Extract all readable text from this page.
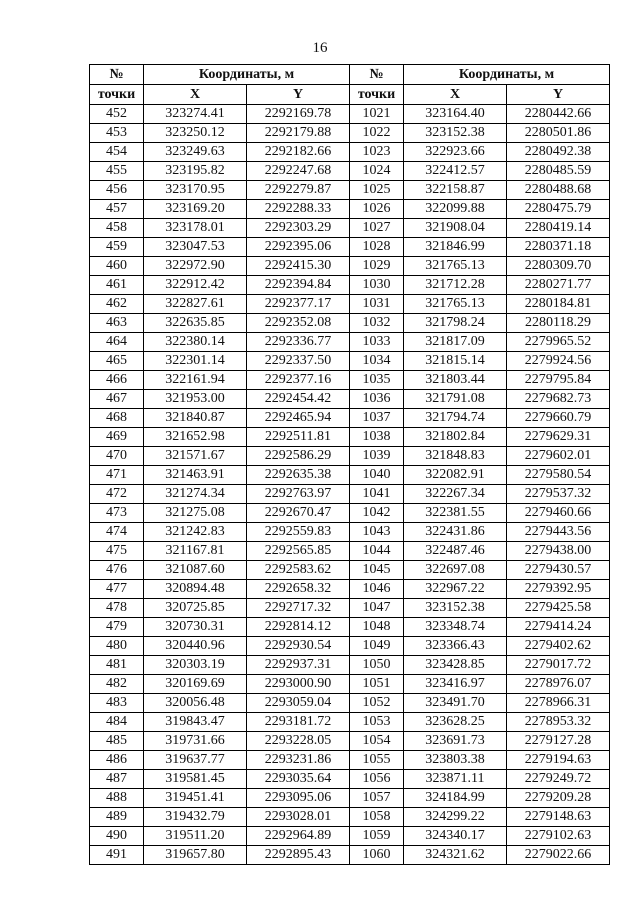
16
№	Координаты, м		№	Координаты, м	
точки	X	Y	точки	X	Y
452	323274.41	2292169.78	1021	323164.40	2280442.66
453	323250.12	2292179.88	1022	323152.38	2280501.86
454	323249.63	2292182.66	1023	322923.66	2280492.38
455	323195.82	2292247.68	1024	322412.57	2280485.59
456	323170.95	2292279.87	1025	322158.87	2280488.68
457	323169.20	2292288.33	1026	322099.88	2280475.79
458	323178.01	2292303.29	1027	321908.04	2280419.14
459	323047.53	2292395.06	1028	321846.99	2280371.18
460	322972.90	2292415.30	1029	321765.13	2280309.70
461	322912.42	2292394.84	1030	321712.28	2280271.77
462	322827.61	2292377.17	1031	321765.13	2280184.81
463	322635.85	2292352.08	1032	321798.24	2280118.29
464	322380.14	2292336.77	1033	321817.09	2279965.52
465	322301.14	2292337.50	1034	321815.14	2279924.56
466	322161.94	2292377.16	1035	321803.44	2279795.84
467	321953.00	2292454.42	1036	321791.08	2279682.73
468	321840.87	2292465.94	1037	321794.74	2279660.79
469	321652.98	2292511.81	1038	321802.84	2279629.31
470	321571.67	2292586.29	1039	321848.83	2279602.01
471	321463.91	2292635.38	1040	322082.91	2279580.54
472	321274.34	2292763.97	1041	322267.34	2279537.32
473	321275.08	2292670.47	1042	322381.55	2279460.66
474	321242.83	2292559.83	1043	322431.86	2279443.56
475	321167.81	2292565.85	1044	322487.46	2279438.00
476	321087.60	2292583.62	1045	322697.08	2279430.57
477	320894.48	2292658.32	1046	322967.22	2279392.95
478	320725.85	2292717.32	1047	323152.38	2279425.58
479	320730.31	2292814.12	1048	323348.74	2279414.24
480	320440.96	2292930.54	1049	323366.43	2279402.62
481	320303.19	2292937.31	1050	323428.85	2279017.72
482	320169.69	2293000.90	1051	323416.97	2278976.07
483	320056.48	2293059.04	1052	323491.70	2278966.31
484	319843.47	2293181.72	1053	323628.25	2278953.32
485	319731.66	2293228.05	1054	323691.73	2279127.28
486	319637.77	2293231.86	1055	323803.38	2279194.63
487	319581.45	2293035.64	1056	323871.11	2279249.72
488	319451.41	2293095.06	1057	324184.99	2279209.28
489	319432.79	2293028.01	1058	324299.22	2279148.63
490	319511.20	2292964.89	1059	324340.17	2279102.63
491	319657.80	2292895.43	1060	324321.62	2279022.66
